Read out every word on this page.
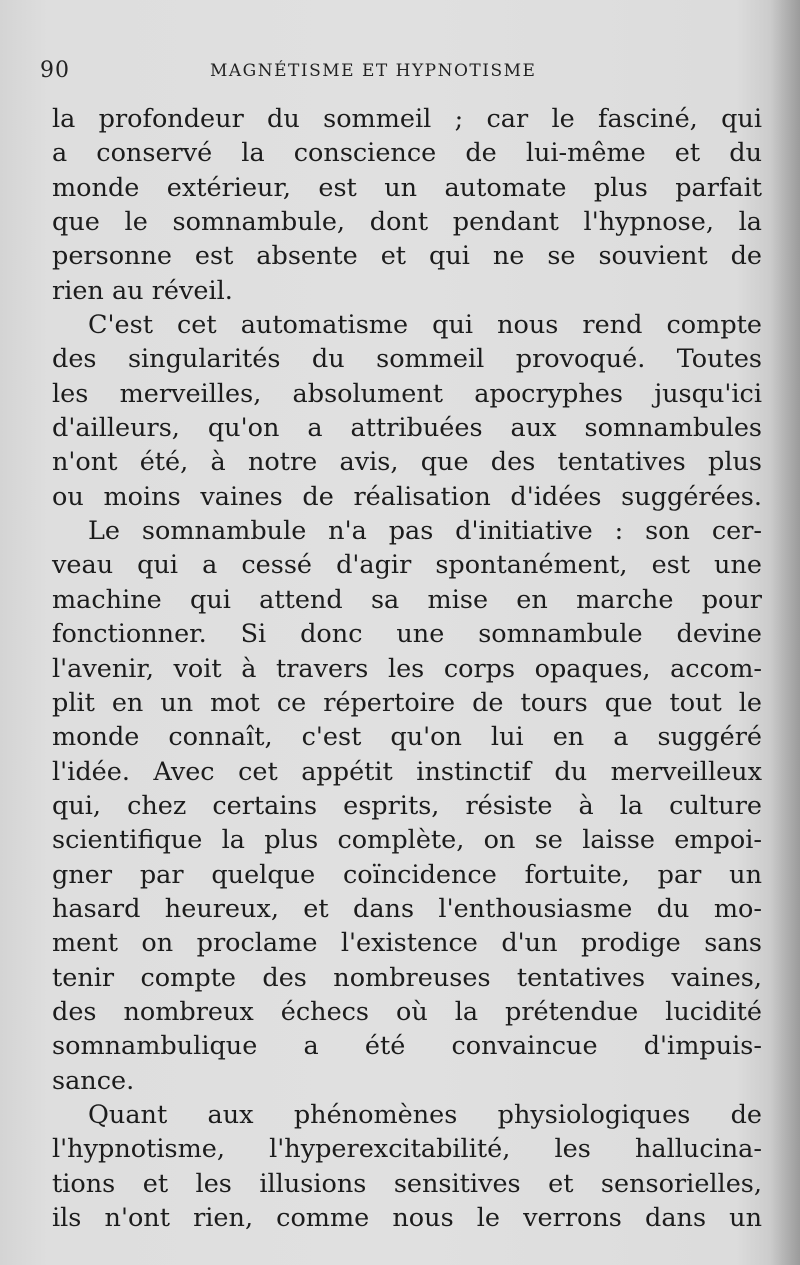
90	MAGNÉTISME ET HYPNOTISME
la profondeur du sommeil ; car le fasciné, qui
a conservé la conscience de lui-même et du
monde extérieur, est un automate plus parfait
que le somnambule, dont pendant l'hypnose, la
personne est absente et qui ne se souvient de
rien au réveil.
C'est cet automatisme qui nous rend compte
des singularités du sommeil provoqué. Toutes
les merveilles, absolument apocryphes jusqu'ici
d'ailleurs, qu'on a attribuées aux somnambules
n'ont été, à notre avis, que des tentatives plus
ou moins vaines de réalisation d'idées suggérées.
Le somnambule n'a pas d'initiative : son cer-
veau qui a cessé d'agir spontanément, est une
machine qui attend sa mise en marche pour
fonctionner. Si donc une somnambule devine
l'avenir, voit à travers les corps opaques, accom-
plit en un mot ce répertoire de tours que tout le
monde connaît, c'est qu'on lui en a suggéré
l'idée. Avec cet appétit instinctif du merveilleux
qui, chez certains esprits, résiste à la culture
scientifique la plus complète, on se laisse empoi-
gner par quelque coïncidence fortuite, par un
hasard heureux, et dans l'enthousiasme du mo-
ment on proclame l'existence d'un prodige sans
tenir compte des nombreuses tentatives vaines,
des nombreux échecs où la prétendue lucidité
somnambulique a été convaincue d'impuis-
sance.
Quant aux phénomènes physiologiques de
l'hypnotisme, l'hyperexcitabilité, les hallucina-
tions et les illusions sensitives et sensorielles,
ils n'ont rien, comme nous le verrons dans un
